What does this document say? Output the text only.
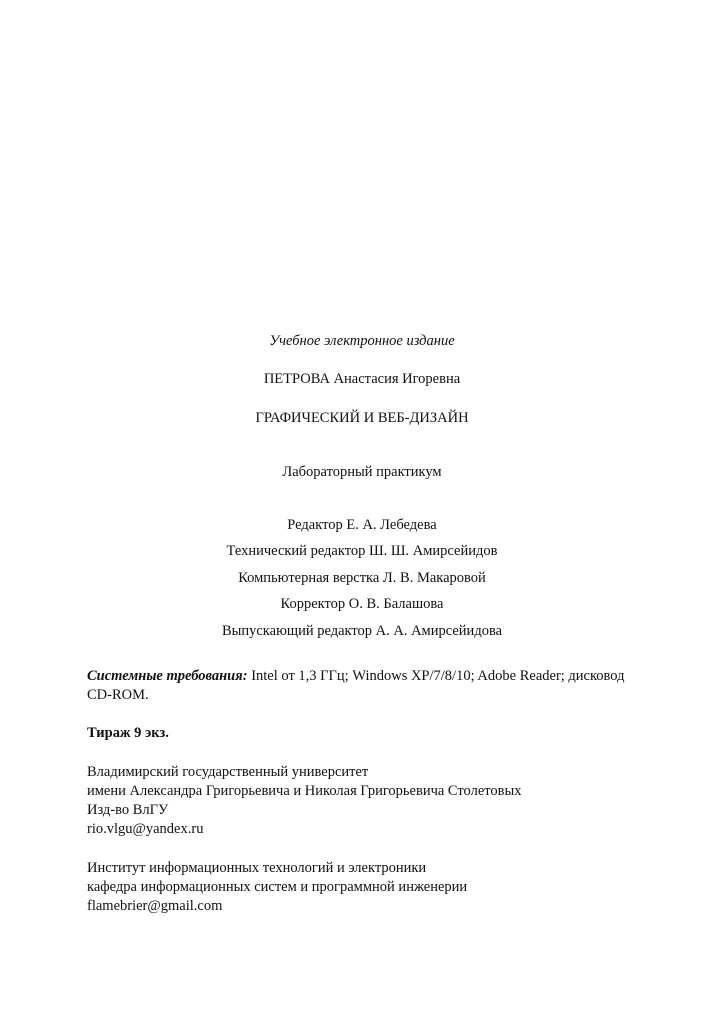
Учебное электронное издание
ПЕТРОВА Анастасия Игоревна
ГРАФИЧЕСКИЙ И ВЕБ-ДИЗАЙН
Лабораторный практикум
Редактор Е. А. Лебедева
Технический редактор Ш. Ш. Амирсейидов
Компьютерная верстка Л. В. Макаровой
Корректор О. В. Балашова
Выпускающий редактор А. А. Амирсейидова
Системные требования: Intel от 1,3 ГГц; Windows XP/7/8/10; Adobe Reader; дисковод CD-ROM.
Тираж 9 экз.
Владимирский государственный университет
имени Александра Григорьевича и Николая Григорьевича Столетовых
Изд-во ВлГУ
rio.vlgu@yandex.ru
Институт информационных технологий и электроники
кафедра информационных систем и программной инженерии
flamebrier@gmail.com
